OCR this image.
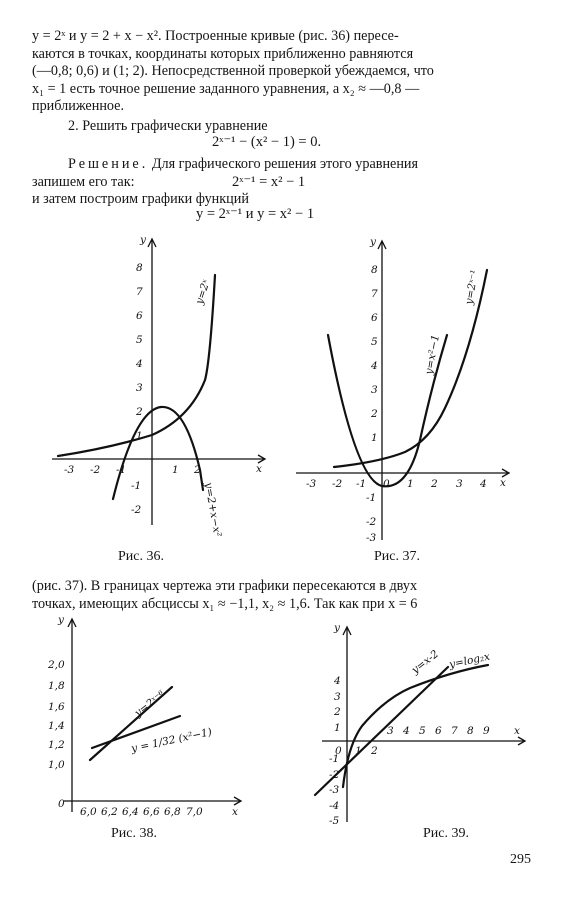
y = 2ˣ и y = 2 + x − x². Построенные кривые (рис. 36) пересе-
каются в точках, координаты которых приближенно равняются
(—0,8; 0,6) и (1; 2). Непосредственной проверкой убеждаемся, что
x₁ = 1 есть точное решение заданного уравнения, а x₂ ≈ —0,8 —
приближенное.
2. Решить графически уравнение
2ˣ⁻¹ − (x² − 1) = 0.
Решение. Для графического решения этого уравнения
запишем его так:	2ˣ⁻¹ = x² − 1
и затем построим графики функций
y = 2ˣ⁻¹ и y = x² − 1
(рис. 37). В границах чертежа эти графики пересекаются в двух
точках, имеющих абсциссы x₁ ≈ −1,1, x₂ ≈ 1,6. Так как при x = 6
x
y
-3 -2 -1	1 2
8
7
6
5
4
3
2
1
-1
-2
y=2ˣ
y=2+x−x²	x
y
-3 -2 -1 0 1 2 3 4
8
7
6
5
4
3
2
1
-1
-2
-3
y=2ˣ⁻¹
y=x²−1
x
y
2,0
1,8
1,6
1,4
1,2
1,0
0
6,0 6,2 6,4 6,6 6,8 7,0
y=2ˣ⁻⁶
y = 1/32 (x²−1)	x
y
0 1 2
3 4 5 6 7 8 9
4
3
2
1
-1
-2
-3
-4
-5
y=x-2 y=log₂x
Рис. 36.	Рис. 37.
Рис. 38.	Рис. 39.
295
